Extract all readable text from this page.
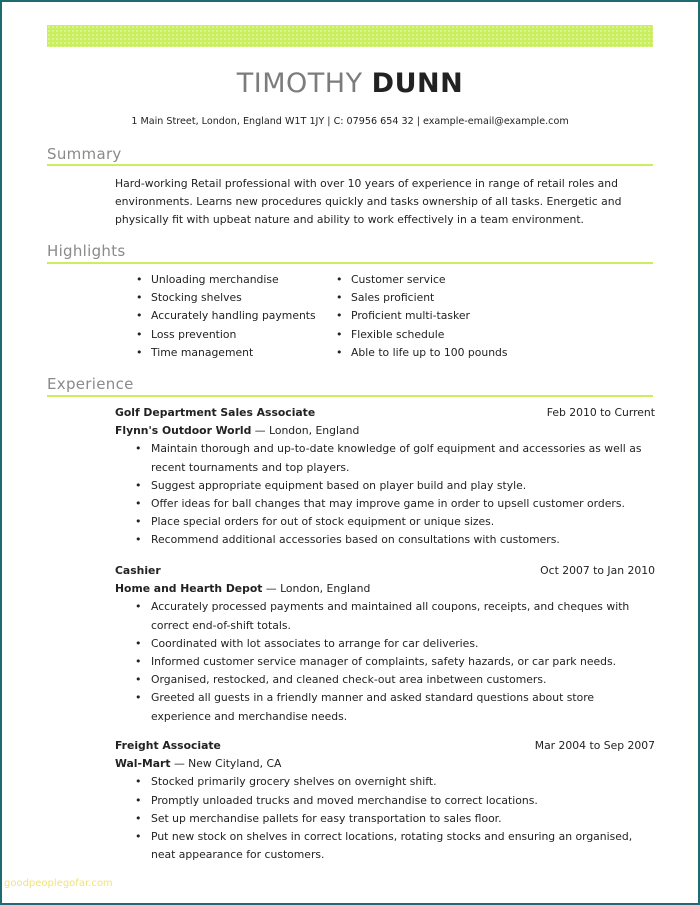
TIMOTHY DUNN
1 Main Street, London, England W1T 1JY | C: 07956 654 32 | example-email@example.com
Summary
Hard-working Retail professional with over 10 years of experience in range of retail roles and
environments. Learns new procedures quickly and tasks ownership of all tasks. Energetic and
physically fit with upbeat nature and ability to work effectively in a team environment.
Highlights
• Unloading merchandise
• Stocking shelves
• Accurately handling payments
• Loss prevention
• Time management
• Customer service
• Sales proficient
• Proficient multi-tasker
• Flexible schedule
• Able to life up to 100 pounds
Experience
Golf Department Sales Associate	Feb 2010 to Current
Flynn's Outdoor World — London, England
• Maintain thorough and up-to-date knowledge of golf equipment and accessories as well as recent tournaments and top players.
• Suggest appropriate equipment based on player build and play style.
• Offer ideas for ball changes that may improve game in order to upsell customer orders.
• Place special orders for out of stock equipment or unique sizes.
• Recommend additional accessories based on consultations with customers.
Cashier	Oct 2007 to Jan 2010
Home and Hearth Depot — London, England
• Accurately processed payments and maintained all coupons, receipts, and cheques with correct end-of-shift totals.
• Coordinated with lot associates to arrange for car deliveries.
• Informed customer service manager of complaints, safety hazards, or car park needs.
• Organised, restocked, and cleaned check-out area inbetween customers.
• Greeted all guests in a friendly manner and asked standard questions about store experience and merchandise needs.
Freight Associate	Mar 2004 to Sep 2007
Wal-Mart — New Cityland, CA
• Stocked primarily grocery shelves on overnight shift.
• Promptly unloaded trucks and moved merchandise to correct locations.
• Set up merchandise pallets for easy transportation to sales floor.
• Put new stock on shelves in correct locations, rotating stocks and ensuring an organised, neat appearance for customers.
goodpeoplegofar.com
